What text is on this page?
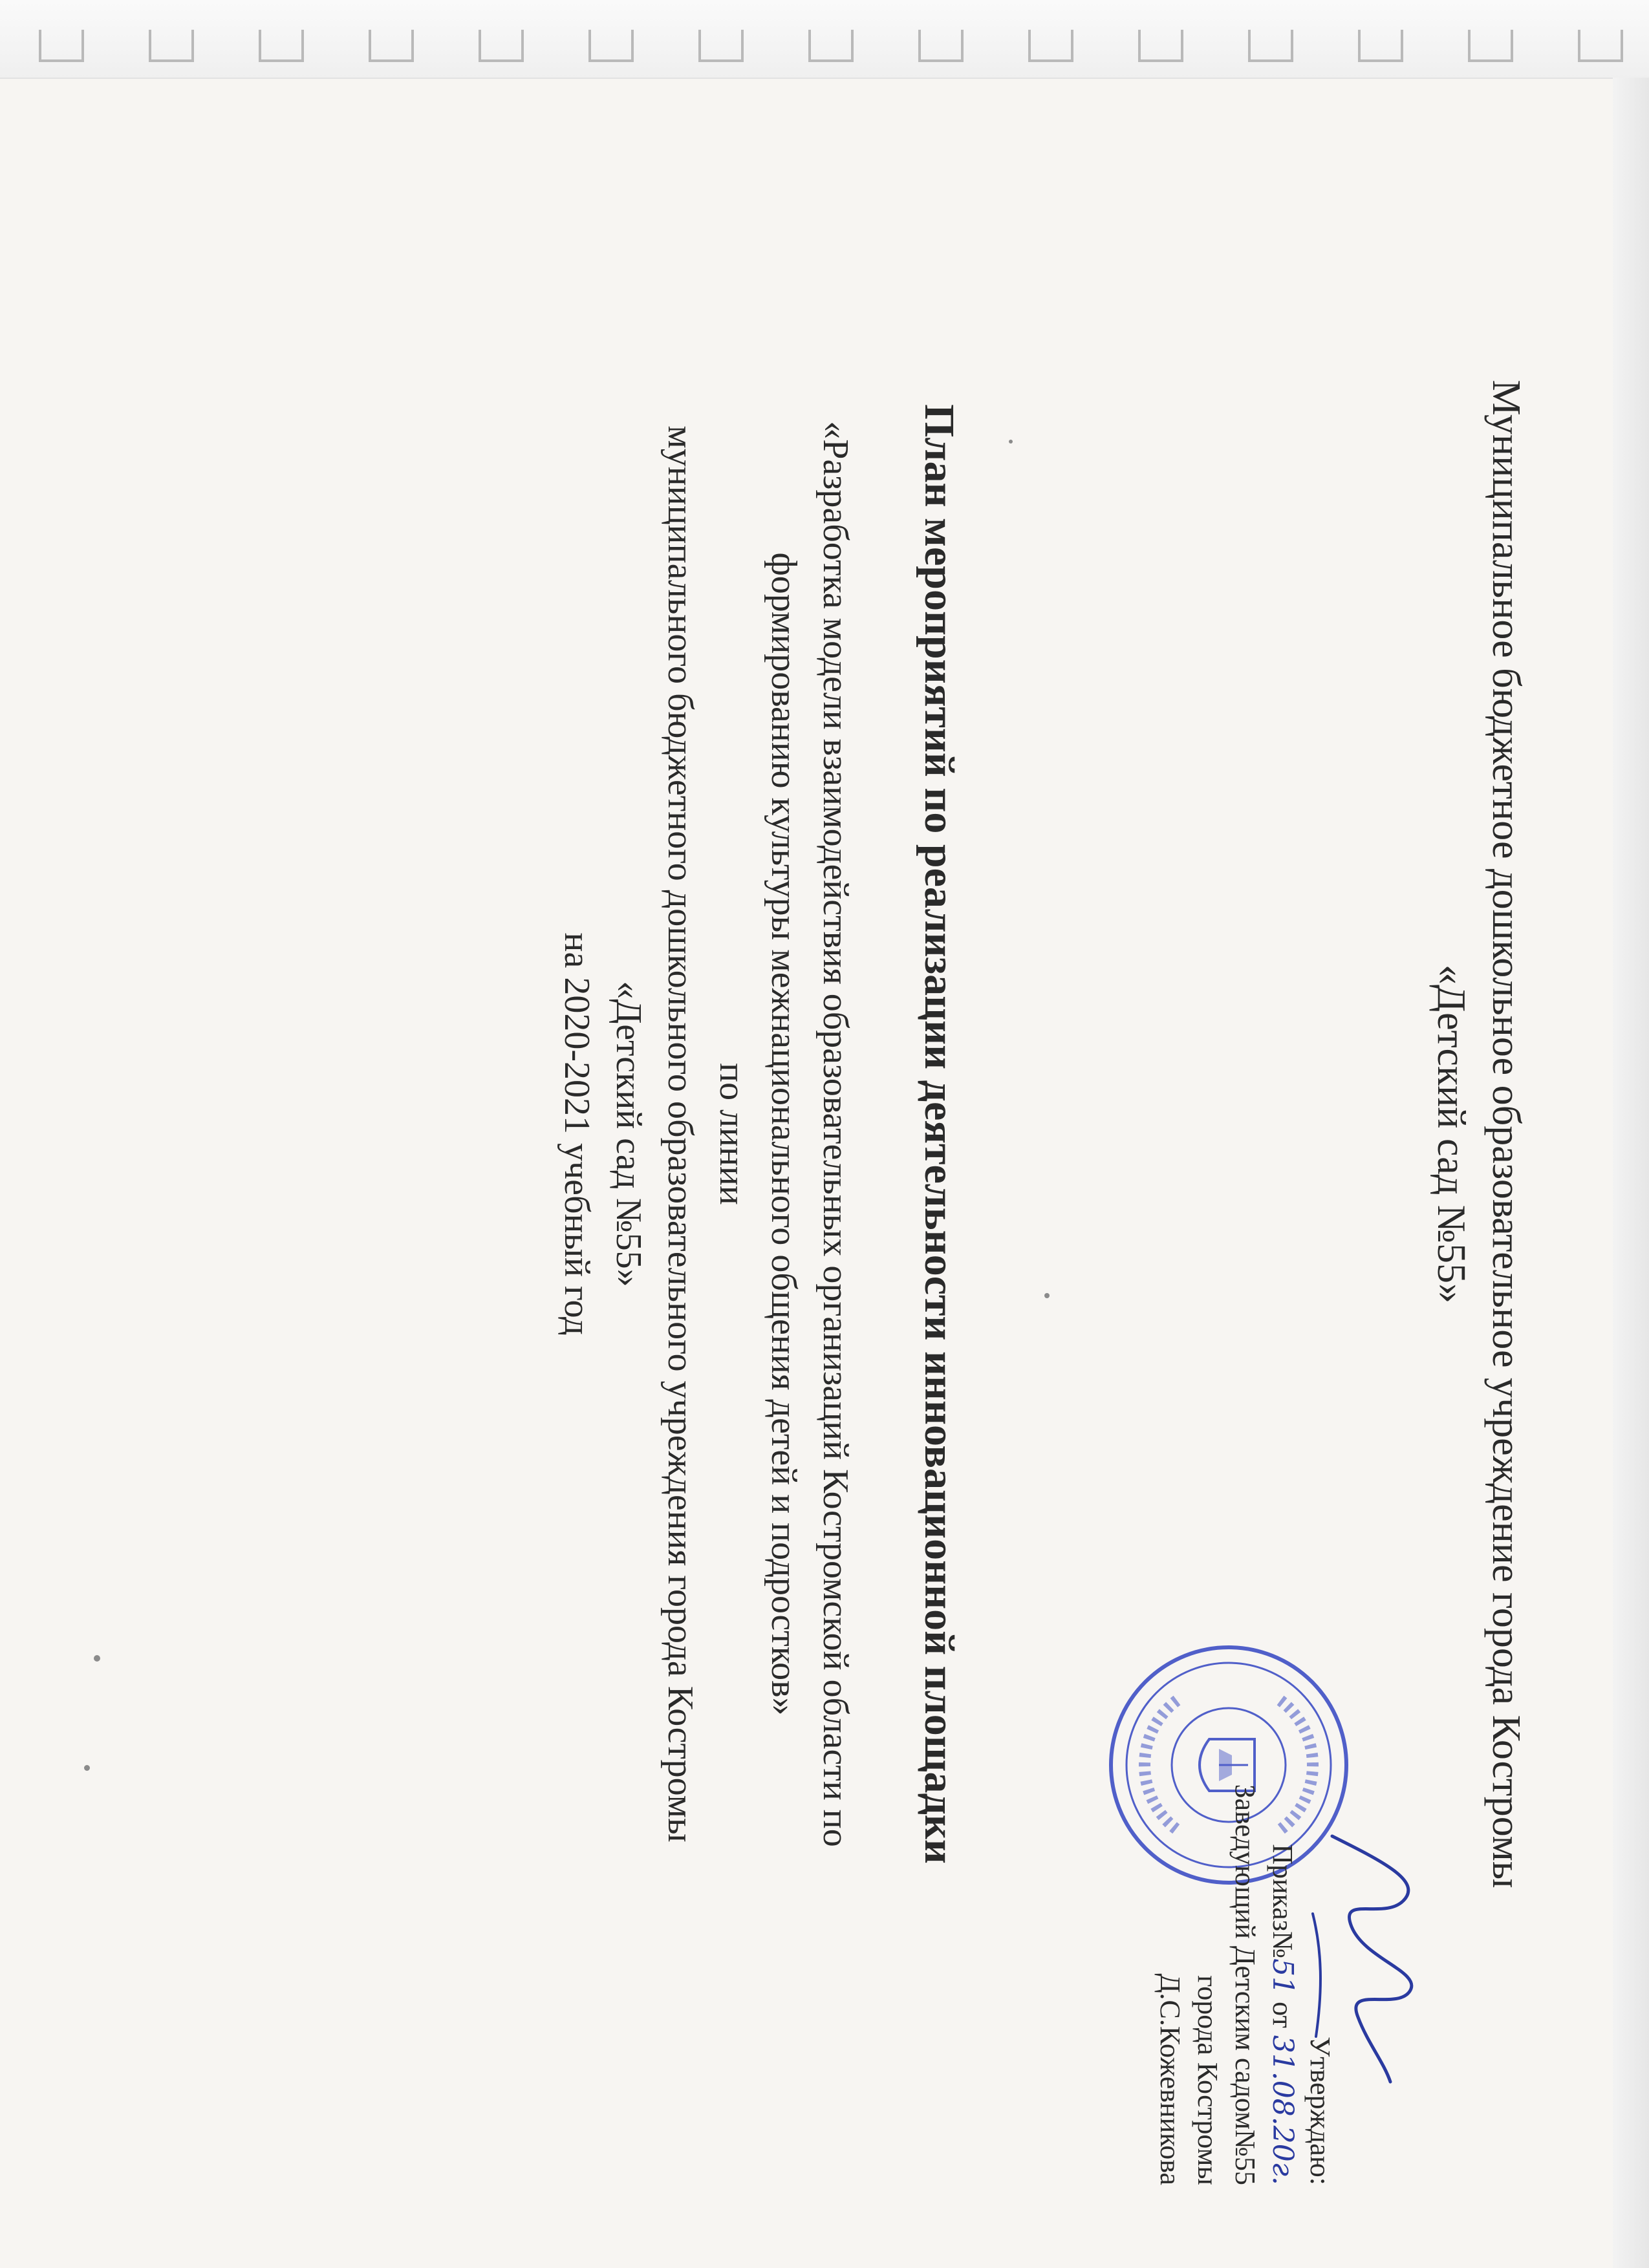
Муниципальное бюджетное дошкольное образовательное учреждение города Костромы
«Детский сад №55»
План мероприятий по реализации деятельности инновационной площадки
«Разработка модели взаимодействия образовательных организаций Костромской области по
формированию культуры межнационального общения детей и подростков»
по линии
муниципального бюджетного дошкольного образовательного учреждения города Костромы
«Детский сад №55»
на 2020-2021 учебный год
Утверждаю:
Приказ№51 от 31.08.20г.
Заведующий Детским садом№55
города Костромы
Д.С.Кожевникова
